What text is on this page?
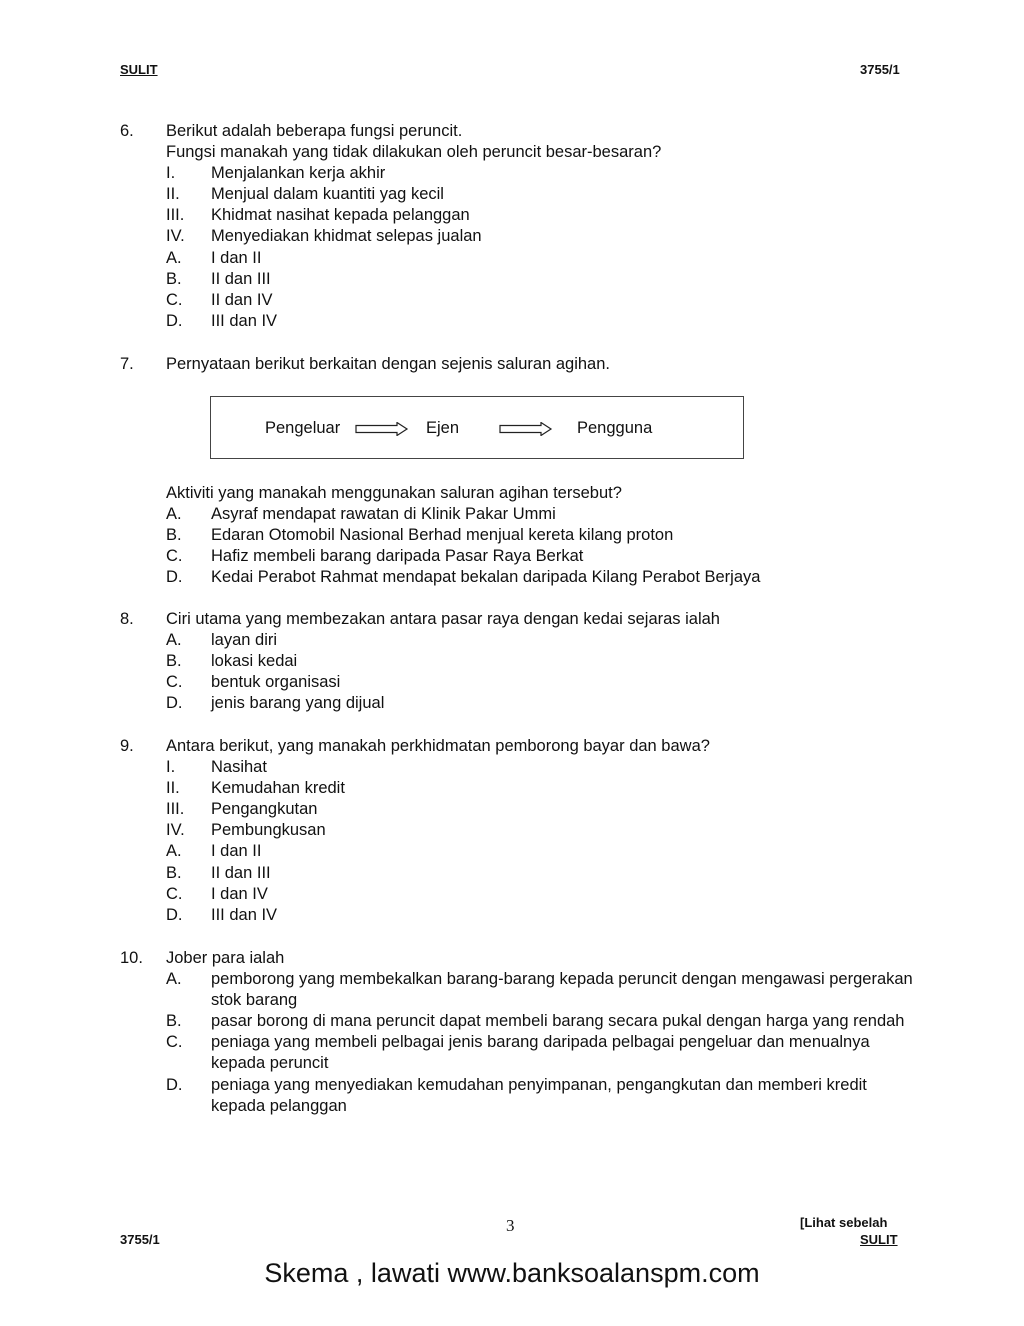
SULIT	3755/1
6.	Berikut adalah beberapa fungsi peruncit.
Fungsi manakah yang tidak dilakukan oleh peruncit besar-besaran?
I.	Menjalankan kerja akhir
II.	Menjual dalam kuantiti yag kecil
III.	Khidmat nasihat kepada pelanggan
IV.	Menyediakan khidmat selepas jualan
A.	I dan II
B.	II dan III
C.	II dan IV
D.	III dan IV
7.	Pernyataan berikut berkaitan dengan sejenis saluran agihan.
Pengeluar	Ejen	Pengguna
Aktiviti yang manakah menggunakan saluran agihan tersebut?
A.	Asyraf mendapat rawatan di Klinik Pakar Ummi
B.	Edaran Otomobil Nasional Berhad menjual kereta kilang proton
C.	Hafiz membeli barang daripada Pasar Raya Berkat
D.	Kedai Perabot Rahmat mendapat bekalan daripada Kilang Perabot Berjaya
8.	Ciri utama yang membezakan antara pasar raya dengan kedai sejaras ialah
A.	layan diri
B.	lokasi kedai
C.	bentuk organisasi
D.	jenis barang yang dijual
9.	Antara berikut, yang manakah perkhidmatan pemborong bayar dan bawa?
I.	Nasihat
II.	Kemudahan kredit
III.	Pengangkutan
IV.	Pembungkusan
A.	I dan II
B.	II dan III
C.	I dan IV
D.	III dan IV
10.	Jober para ialah
A.	pemborong yang membekalkan barang-barang kepada peruncit dengan mengawasi pergerakan stok barang
B.	pasar borong di mana peruncit dapat membeli barang secara pukal dengan harga yang rendah
C.	peniaga yang membeli pelbagai jenis barang daripada pelbagai pengeluar dan menualnya kepada peruncit
D.	peniaga yang menyediakan kemudahan penyimpanan, pengangkutan dan memberi kredit kepada pelanggan
3	[Lihat sebelah
3755/1	SULIT
Skema , lawati www.banksoalanspm.com
